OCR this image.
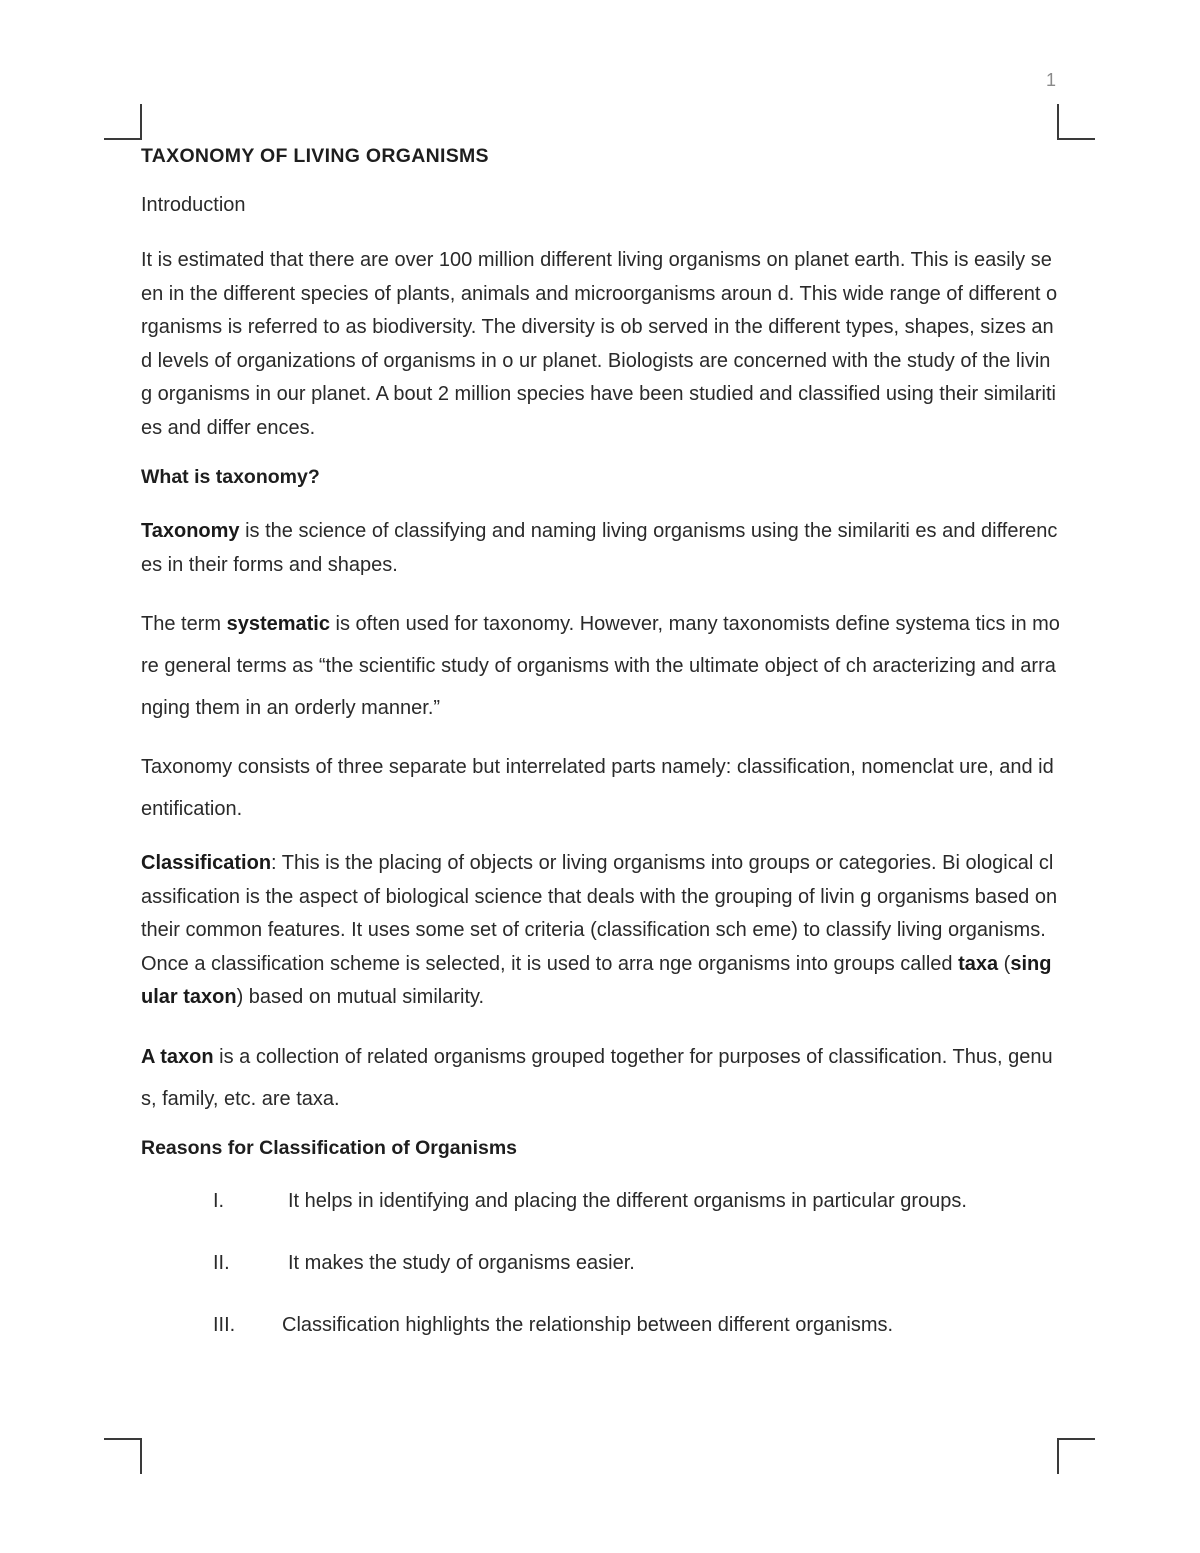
1
TAXONOMY OF LIVING ORGANISMS
Introduction

It is estimated that there are over 100 million different living organisms on planet earth. This is easily seen in the different species of plants, animals and microorganisms aroun d. This wide range of different organisms is referred to as biodiversity. The diversity is ob served in the different types, shapes, sizes and levels of organizations of organisms in o ur planet. Biologists are concerned with the study of the living organisms in our planet. A bout 2 million species have been studied and classified using their similarities and differ ences.

What is taxonomy?

Taxonomy is the science of classifying and naming living organisms using the similariti es and differences in their forms and shapes.

The term systematic is often used for taxonomy. However, many taxonomists define systema tics in more general terms as “the scientific study of organisms with the ultimate object of ch aracterizing and arranging them in an orderly manner.”

Taxonomy consists of three separate but interrelated parts namely: classification, nomenclat ure, and identification.

Classification: This is the placing of objects or living organisms into groups or categories. Bi ological classification is the aspect of biological science that deals with the grouping of livin g organisms based on their common features. It uses some set of criteria (classification sch eme) to classify living organisms. Once a classification scheme is selected, it is used to arra nge organisms into groups called taxa (singular taxon) based on mutual similarity.

A taxon is a collection of related organisms grouped together for purposes of classification. Thus, genus, family, etc. are taxa.

Reasons for Classification of Organisms
I.	It helps in identifying and placing the different organisms in particular groups.
II.	It makes the study of organisms easier.
III. Classification highlights the relationship between different organisms.
